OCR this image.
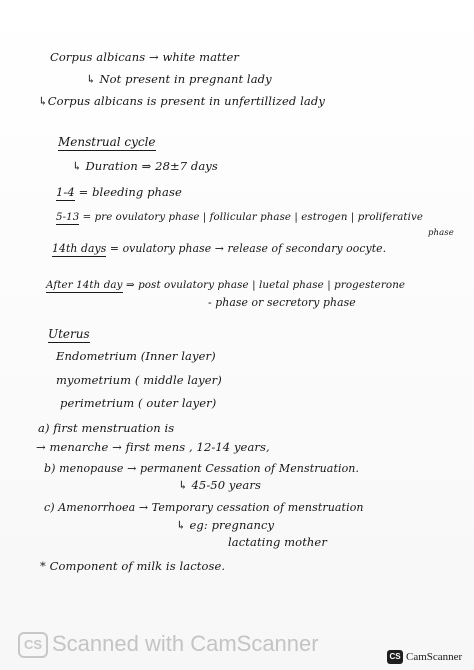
Corpus albicans → white matter
↳ Not present in pregnant lady
↳Corpus albicans is present in unfertillized lady
Menstrual cycle
↳ Duration ⇒ 28±7 days
1-4 = bleeding phase
5-13 = pre ovulatory phase | follicular phase | estrogen | proliferative
phase
14th days = ovulatory phase → release of secondary oocyte.
After 14th day ⇒ post ovulatory phase | luetal phase | progesterone
- phase or secretory phase
Uterus
Endometrium (Inner layer)
myometrium ( middle layer)
perimetrium ( outer layer)
a) first menstruation is
→ menarche → first mens , 12-14 years,
b) menopause → permanent Cessation of Menstruation.
↳ 45-50 years
c) Amenorrhoea → Temporary cessation of menstruation
↳ eg: pregnancy
lactating mother
* Component of milk is lactose.
CS Scanned with CamScanner
CS CamScanner
